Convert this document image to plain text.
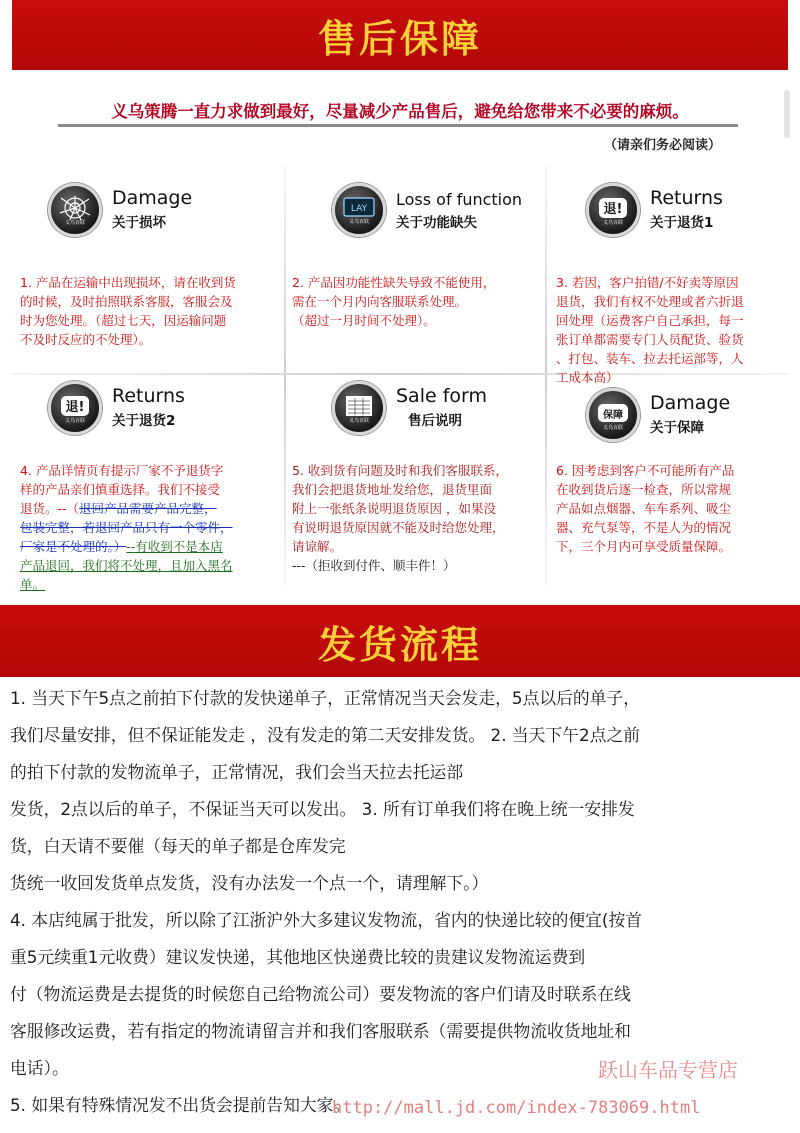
售后保障
义乌策腾一直力求做到最好，尽量减少产品售后，避免给您带来不必要的麻烦。
（请亲们务必阅读）
义乌百联
Damage
关于损坏
1. 产品在运输中出现损坏，请在收到货
的时候，及时拍照联系客服，客服会及
时为您处理。（超过七天，因运输问题
不及时反应的不处理）。
LAY
义乌百联
Loss of function
关于功能缺失
2. 产品因功能性缺失导致不能使用，
需在一个月内向客服联系处理。
（超过一月时间不处理）。
退!
义乌百联
Returns
关于退货1
3. 若因，客户拍错/不好卖等原因
退货，我们有权不处理或者六折退
回处理（运费客户自己承担，每一
张订单都需要专门人员配货、验货
、打包、装车、拉去托运部等，人
工成本高）
退!
义乌百联
Returns
关于退货2
4. 产品详情页有提示厂家不予退货字
样的产品亲们慎重选择。我们不接受
退货。--（退回产品需要产品完整，
包装完整，若退回产品只有一个零件，
厂家是不处理的。）--有收到不是本店
产品退回，我们将不处理，且加入黑名
单。
义乌百联
Sale form
售后说明
5. 收到货有问题及时和我们客服联系，
我们会把退货地址发给您，退货里面
附上一张纸条说明退货原因 ，如果没
有说明退货原因就不能及时给您处理，
请谅解。
---（拒收到付件、顺丰件！）
保障
义乌百联
Damage
关于保障
6. 因考虑到客户不可能所有产品
在收到货后逐一检查，所以常规
产品如点烟器、车车系列、吸尘
器、充气泵等，不是人为的情况
下，三个月内可享受质量保障。
发货流程

1. 当天下午5点之前拍下付款的发快递单子，正常情况当天会发走，5点以后的单子，

我们尽量安排，但不保证能发走 ，没有发走的第二天安排发货。 2. 当天下午2点之前

的拍下付款的发物流单子，正常情况，我们会当天拉去托运部

发货，2点以后的单子，不保证当天可以发出。 3. 所有订单我们将在晚上统一安排发

货，白天请不要催（每天的单子都是仓库发完

货统一收回发货单点发货，没有办法发一个点一个，请理解下。）

4. 本店纯属于批发，所以除了江浙沪外大多建议发物流，省内的快递比较的便宜(按首

重5元续重1元收费）建议发快递，其他地区快递费比较的贵建议发物流运费到

付（物流运费是去提货的时候您自己给物流公司）要发物流的客户们请及时联系在线

客服修改运费，若有指定的物流请留言并和我们客服联系（需要提供物流收货地址和

电话）。

5. 如果有特殊情况发不出货会提前告知大家。

跃山车品专营店
http://mall.jd.com/index-783069.html
